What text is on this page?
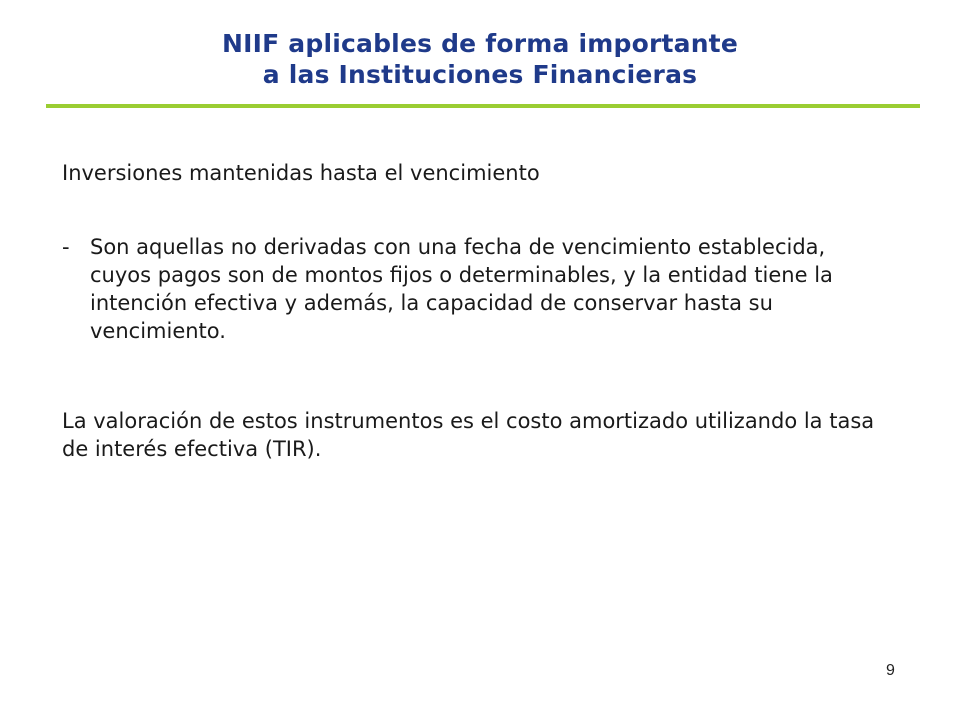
NIIF aplicables de forma importante
a las Instituciones Financieras
Inversiones mantenidas hasta el vencimiento
- Son aquellas no derivadas con una fecha de vencimiento establecida, cuyos pagos son de montos fijos o determinables, y la entidad tiene la intención efectiva y además, la capacidad de conservar hasta su vencimiento.
La valoración de estos instrumentos es el costo amortizado utilizando la tasa de interés efectiva (TIR).
9
